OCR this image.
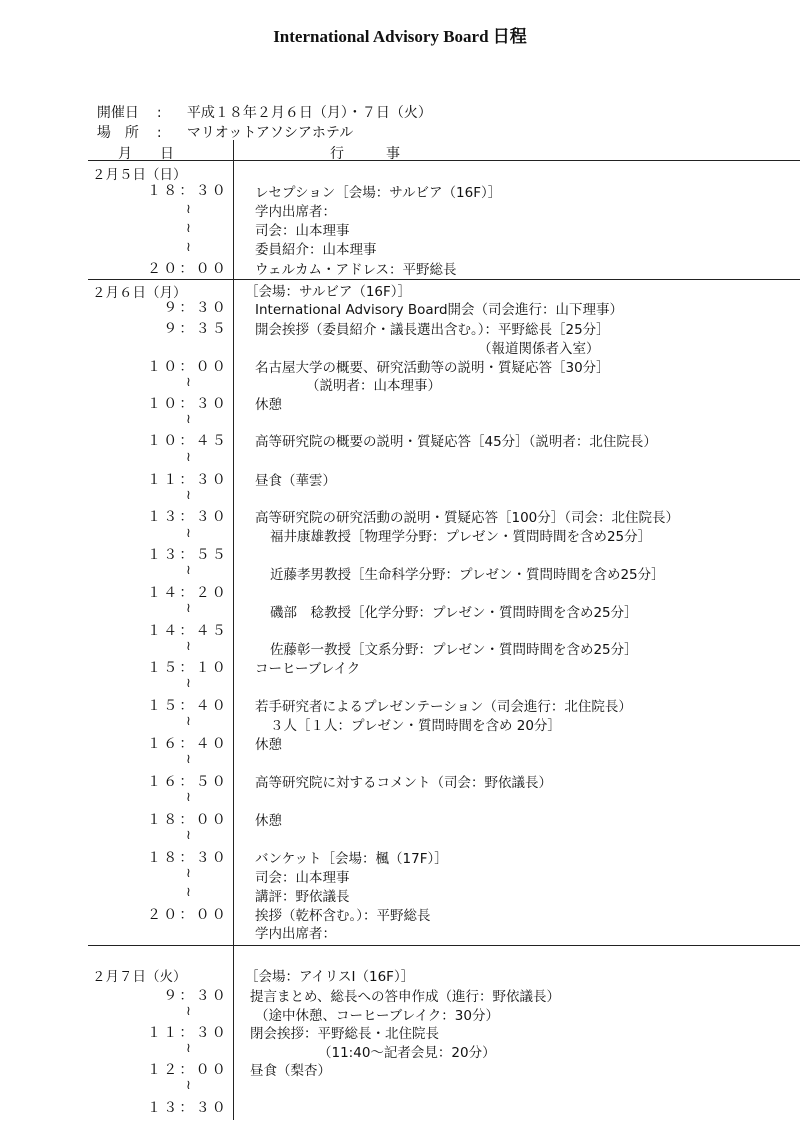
International Advisory Board 日程

開催日 : 平成１８年２月６日（月）・７日（火）

場　所 : マリオットアソシアホテル

月　　日	行　　　事
２月５日（日）
２月６日（月）
２月７日（火）
１８：３０
２０：００
９：３０
９：３５
１０：００
１０：３０
１０：４５
１１：３０
１３：３０
１３：５５
１４：２０
１４：４５
１５：１０
１５：４０
１６：４０
１６：５０
１８：００
１８：３０
２０：００
９：３０
１１：３０
１２：００
１３：３０
≀
≀
≀
≀
≀
≀
≀
≀
≀
≀
≀
≀
≀
≀
≀
≀
≀
≀
≀
≀
≀
レセプション［会場：サルビア（16F）］
学内出席者：
司会：山本理事
委員紹介：山本理事
ウェルカム・アドレス：平野総長
［会場：サルビア（16F）］
International Advisory Board開会（司会進行：山下理事）
開会挨拶（委員紹介・議長選出含む。）：平野総長［25分］
（報道関係者入室）
名古屋大学の概要、研究活動等の説明・質疑応答［30分］
（説明者：山本理事）
休憩
高等研究院の概要の説明・質疑応答［45分］（説明者：北住院長）
昼食（華雲）
高等研究院の研究活動の説明・質疑応答［100分］（司会：北住院長）
福井康雄教授［物理学分野：プレゼン・質問時間を含め25分］
近藤孝男教授［生命科学分野：プレゼン・質問時間を含め25分］
磯部　稔教授［化学分野：プレゼン・質問時間を含め25分］
佐藤彰一教授［文系分野：プレゼン・質問時間を含め25分］
コーヒーブレイク
若手研究者によるプレゼンテーション（司会進行：北住院長）
３人［１人：プレゼン・質問時間を含め 20分］
休憩
高等研究院に対するコメント（司会：野依議長）
休憩
バンケット［会場：楓（17F）］
司会：山本理事
講評：野依議長
挨拶（乾杯含む。）：平野総長
学内出席者：
［会場：アイリスⅠ（16F）］
提言まとめ、総長への答申作成（進行：野依議長）
（途中休憩、コーヒーブレイク：30分）
閉会挨拶：平野総長・北住院長
（11:40～記者会見：20分）
昼食（梨杏）
